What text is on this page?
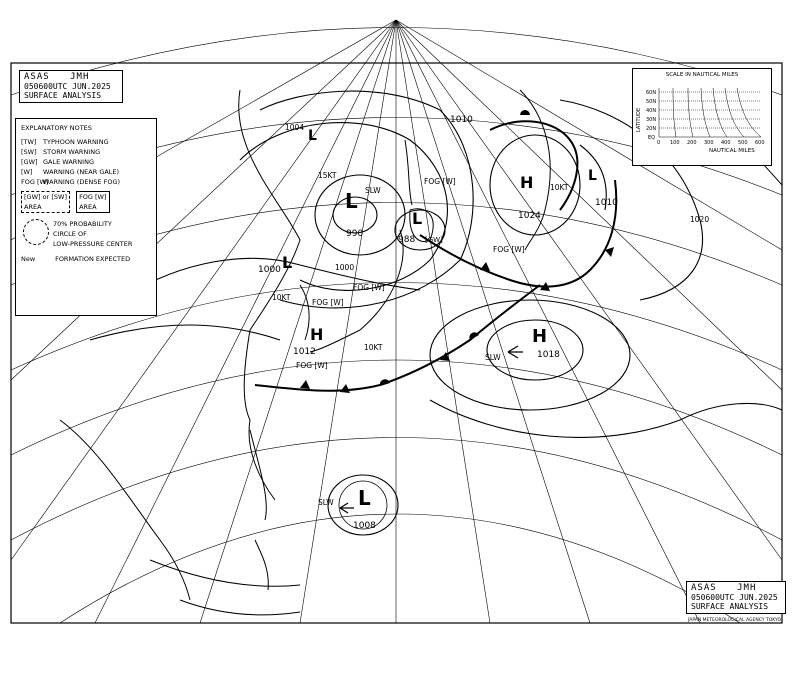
L
L
L
H
H
H
L
L
L
990
988 [GW]
1000
1024
1018
1012
1008
1010
1010
SLW
SLW
SLW
15KT
10KT
10KT
10KT
FOG [W]
FOG [W]
FOG [W]
FOG [W]
FOG [W]
1000
1020
1004
ASAS JMH
050600UTC JUN.2025
SURFACE ANALYSIS
EXPLANATORY NOTES
[TW] TYPHOON WARNING
[SW] STORM WARNING
[GW] GALE WARNING
[W] WARNING (NEAR GALE)
FOG [W]WARNING (DENSE FOG)
[GW] or [SW]
AREA FOG [W]
AREA
70% PROBABILITY
CIRCLE OF
LOW-PRESSURE CENTER
New	FORMATION EXPECTED
SCALE IN NAUTICAL MILES
LATITUDE
60N
50N
40N
30N
20N
EQ
0 100 200 300 400 500 600
NAUTICAL MILES
ASAS JMH
050600UTC JUN.2025
SURFACE ANALYSIS
JAPAN METEOROLOGICAL AGENCY TOKYO
